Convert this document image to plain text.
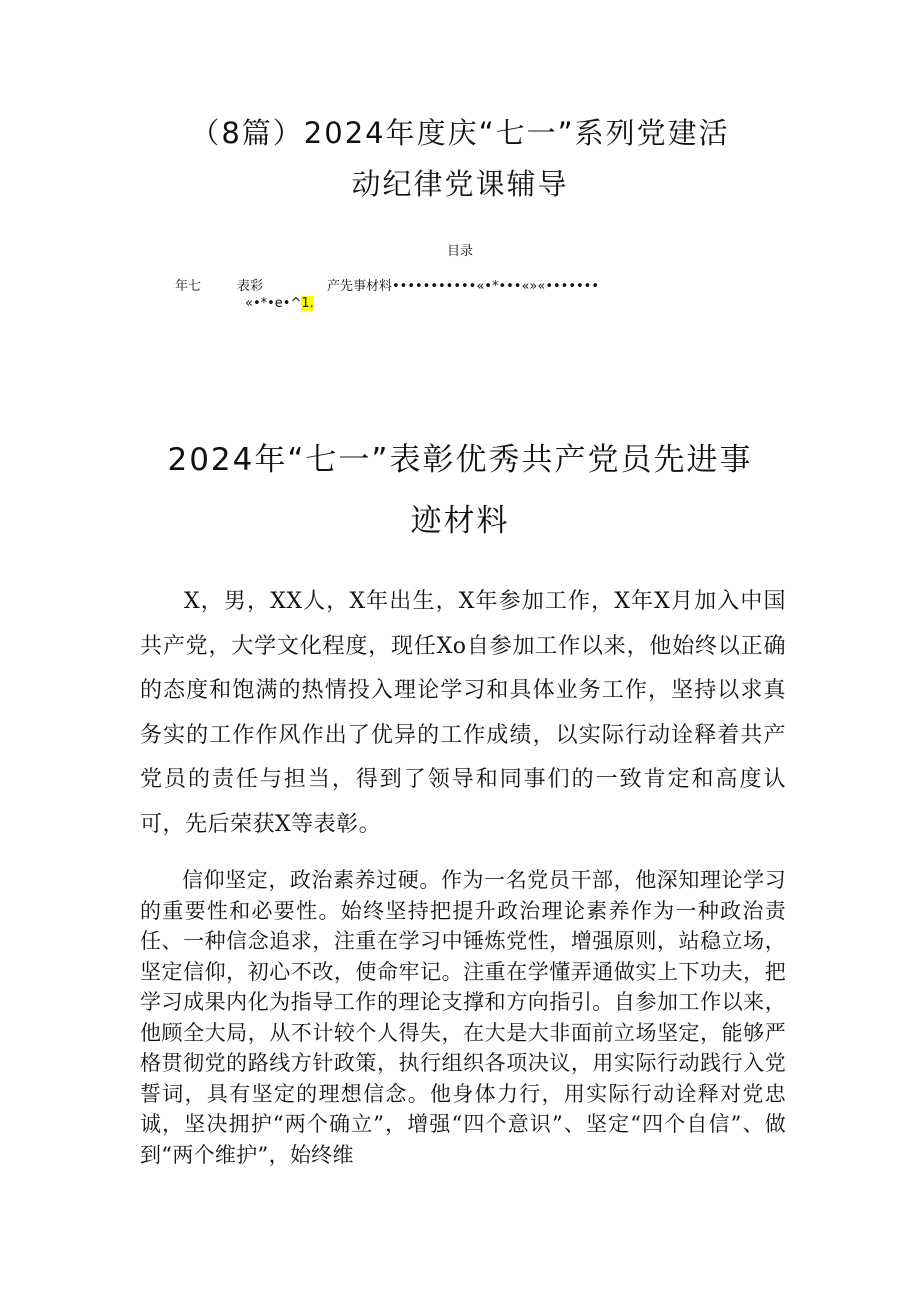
（8篇）2024年度庆“七一”系列党建活
动纪律党课辅导
目录
年七	表彩	产先事材料•••••••••••«•*•••«»«•••••••
«•*•e•^1.
2024年“七一”表彰优秀共产党员先进事
迹材料

X，男，XX人，X年出生，X年参加工作，X年X月加入中国共产党，大学文化程度，现任Xo自参加工作以来，他始终以正确的态度和饱满的热情投入理论学习和具体业务工作，坚持以求真务实的工作作风作出了优异的工作成绩，以实际行动诠释着共产党员的责任与担当，得到了领导和同事们的一致肯定和高度认可，先后荣获X等表彰。

信仰坚定，政治素养过硬。作为一名党员干部，他深知理论学习的重要性和必要性。始终坚持把提升政治理论素养作为一种政治责任、一种信念追求，注重在学习中锤炼党性，增强原则，站稳立场，坚定信仰，初心不改，使命牢记。注重在学懂弄通做实上下功夫，把学习成果内化为指导工作的理论支撑和方向指引。自参加工作以来，他顾全大局，从不计较个人得失，在大是大非面前立场坚定，能够严格贯彻党的路线方针政策，执行组织各项决议，用实际行动践行入党誓词，具有坚定的理想信念。他身体力行，用实际行动诠释对党忠诚，坚决拥护“两个确立”，增强“四个意识”、坚定“四个自信”、做到“两个维护”，始终维
